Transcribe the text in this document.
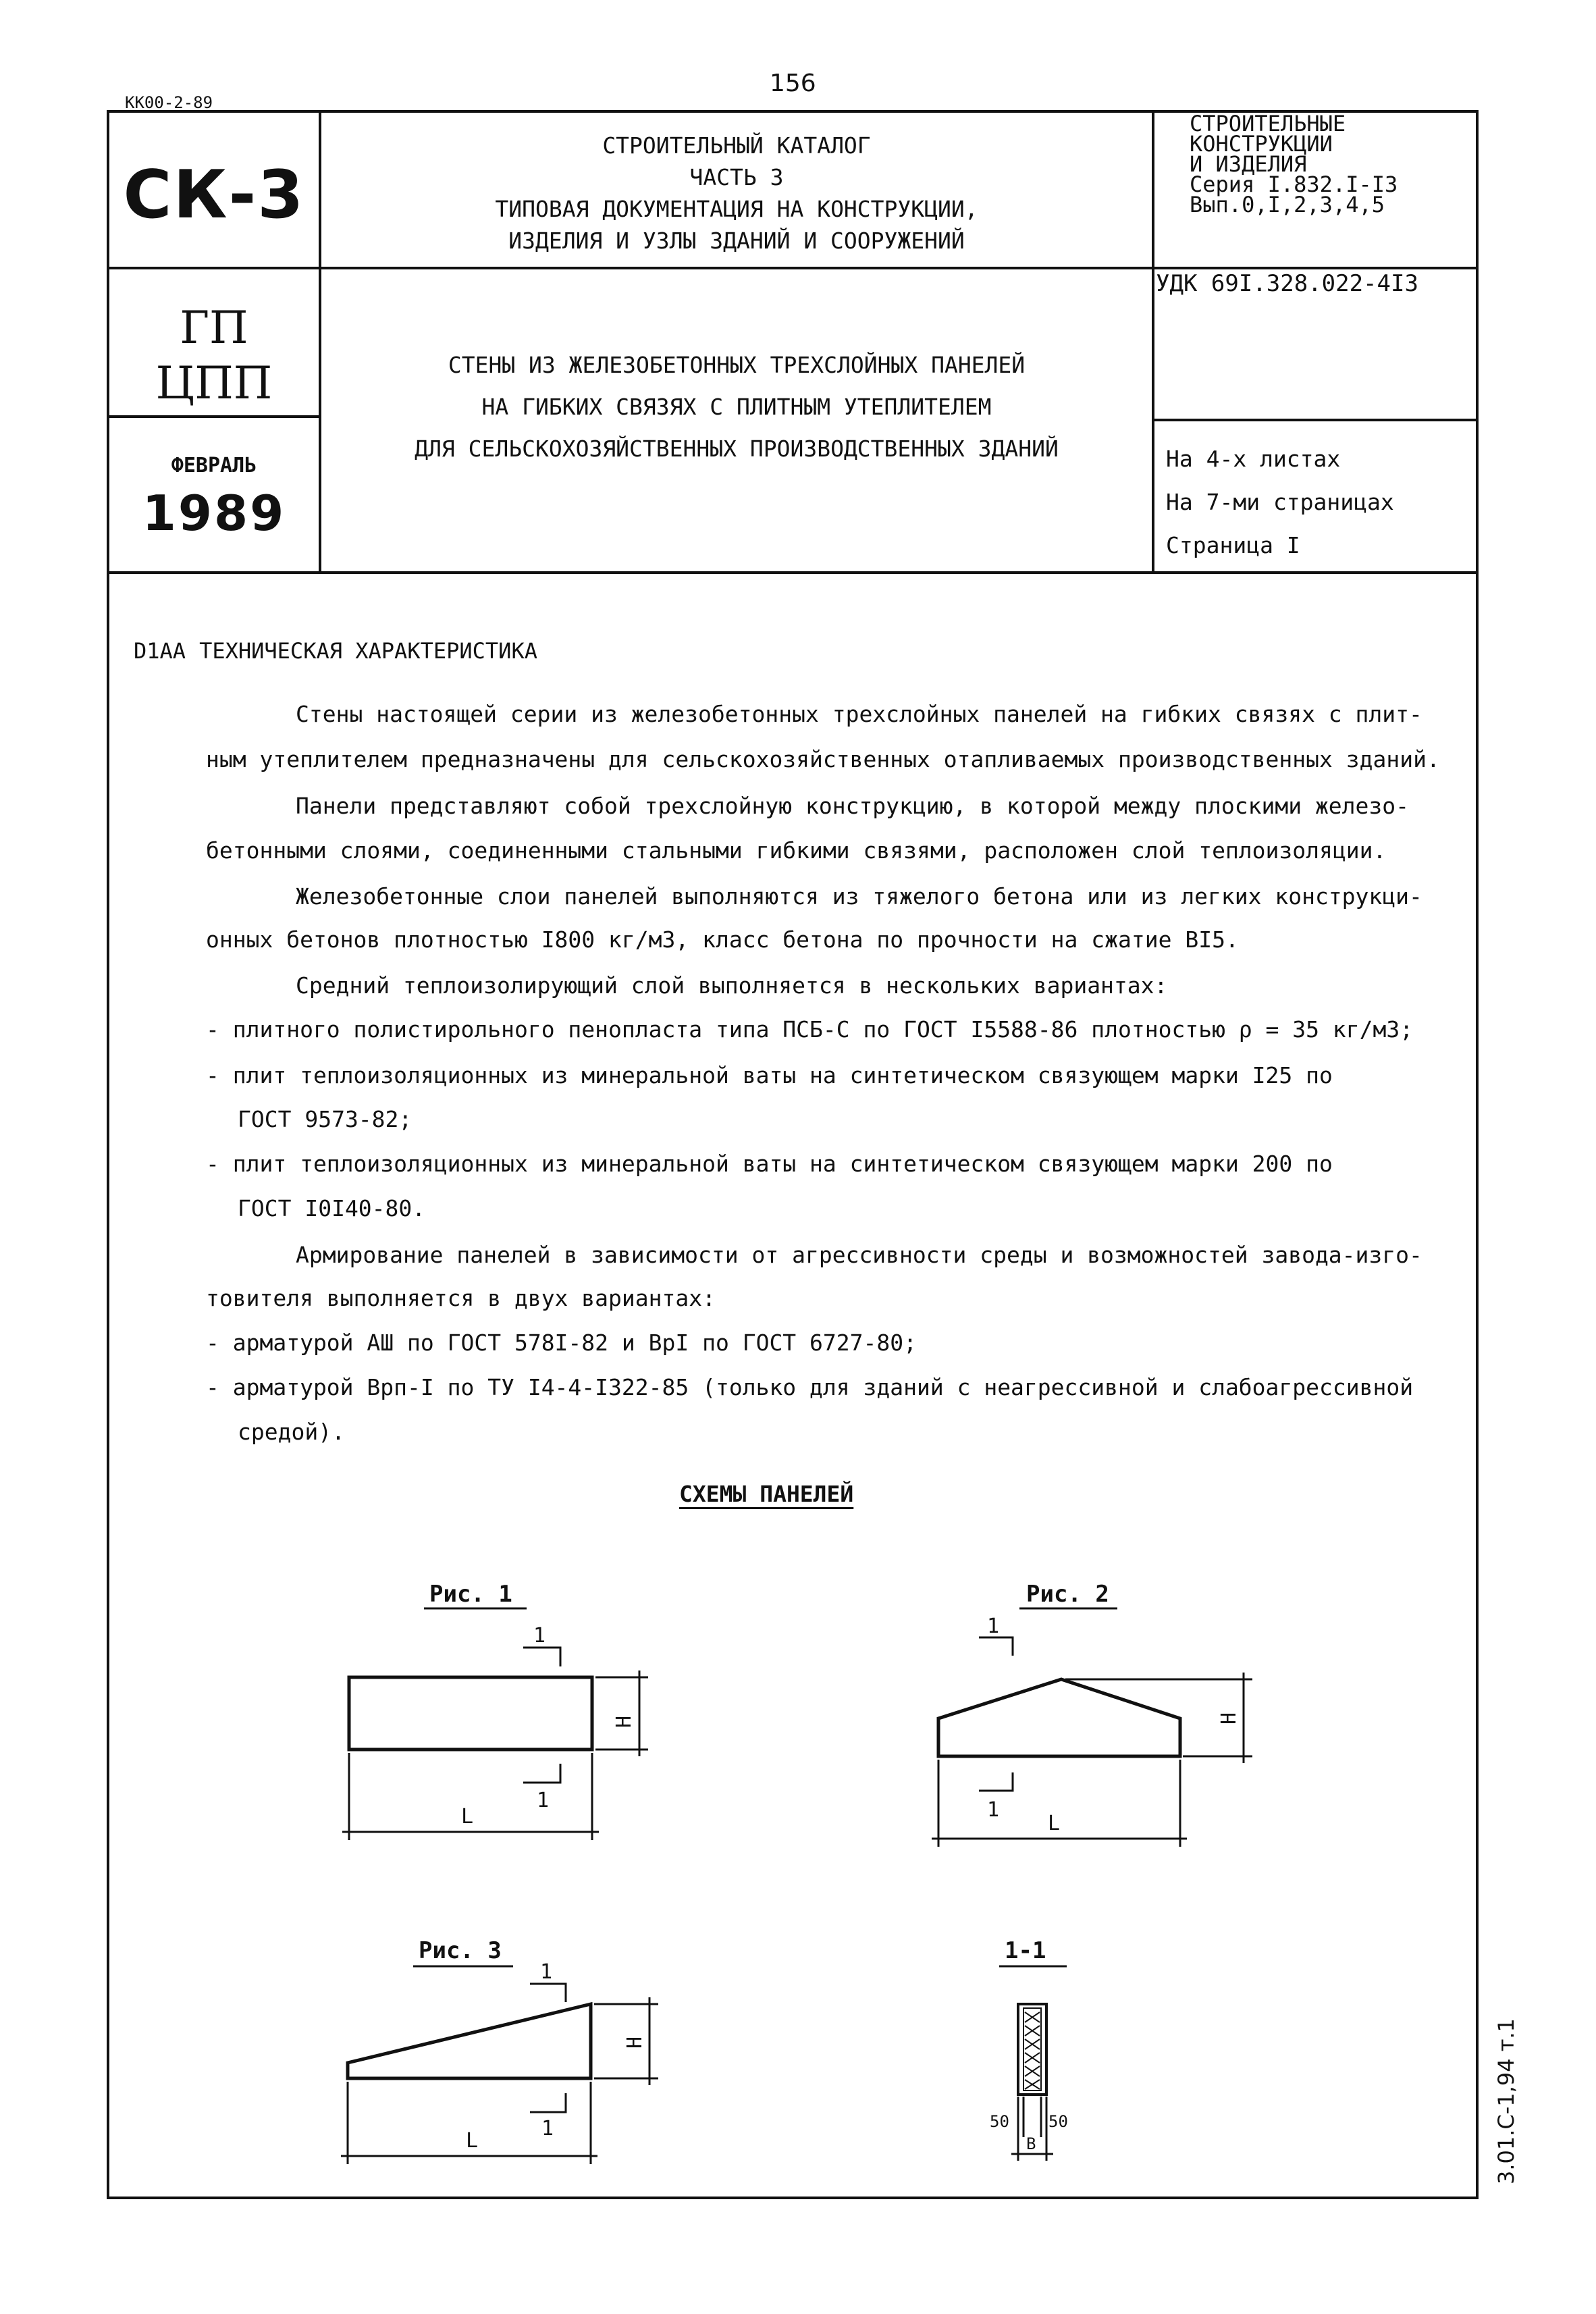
КК00-2-89
156
СК-3
СТРОИТЕЛЬНЫЙ КАТАЛОГ
ЧАСТЬ 3
ТИПОВАЯ ДОКУМЕНТАЦИЯ НА КОНСТРУКЦИИ,
ИЗДЕЛИЯ И УЗЛЫ ЗДАНИЙ И СООРУЖЕНИЙ
СТРОИТЕЛЬНЫЕ
КОНСТРУКЦИИ
И ИЗДЕЛИЯ
Серия I.832.I-I3
Вып.0,I,2,3,4,5
ГП
ЦПП
ФЕВРАЛЬ
1989
СТЕНЫ ИЗ ЖЕЛЕЗОБЕТОННЫХ ТРЕХСЛОЙНЫХ ПАНЕЛЕЙ
НА ГИБКИХ СВЯЗЯХ С ПЛИТНЫМ УТЕПЛИТЕЛЕМ
ДЛЯ СЕЛЬСКОХОЗЯЙСТВЕННЫХ ПРОИЗВОДСТВЕННЫХ ЗДАНИЙ
УДК 69I.328.022-4I3
На 4-х листах
На 7-ми страницах
Страница I
D1AA ТЕХНИЧЕСКАЯ ХАРАКТЕРИСТИКА
Стены настоящей серии из железобетонных трехслойных панелей на гибких связях с плит-
ным утеплителем предназначены для сельскохозяйственных отапливаемых производственных зданий.
Панели представляют собой трехслойную конструкцию, в которой между плоскими железо-
бетонными слоями, соединенными стальными гибкими связями, расположен слой теплоизоляции.
Железобетонные слои панелей выполняются из тяжелого бетона или из легких конструкци-
онных бетонов плотностью I800 кг/м3, класс бетона по прочности на сжатие BI5.
Средний теплоизолирующий слой выполняется в нескольких вариантах:
- плитного полистирольного пенопласта типа ПСБ-С по ГОСТ I5588-86 плотностью ρ = 35 кг/м3;
- плит теплоизоляционных из минеральной ваты на синтетическом связующем марки I25 по
ГОСТ 9573-82;
- плит теплоизоляционных из минеральной ваты на синтетическом связующем марки 200 по
ГОСТ I0I40-80.
Армирование панелей в зависимости от агрессивности среды и возможностей завода-изго-
товителя выполняется в двух вариантах:
- арматурой АШ по ГОСТ 578I-82 и BpI по ГОСТ 6727-80;
- арматурой Врп-I по ТУ I4-4-I322-85 (только для зданий с неагрессивной и слабоагрессивной
средой).
СХЕМЫ ПАНЕЛЕЙ
Рис. 1	Рис. 2
Рис. 3	1-1
1
1
L
H
1
1
L
H
1
1
L
H
50 50
B	3.01.С-1,94 т.1
